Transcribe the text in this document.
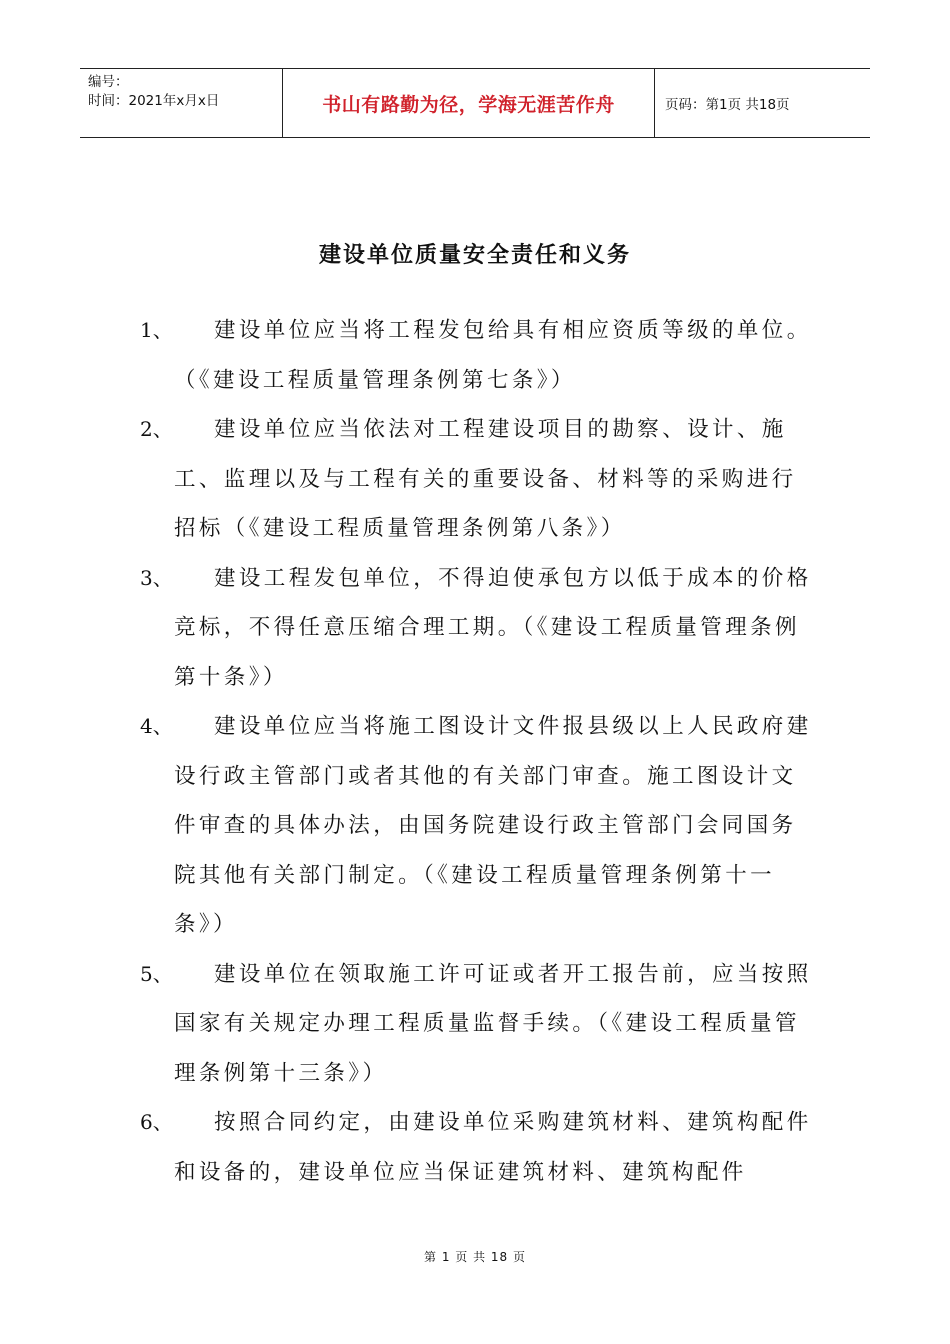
编号：
时间：2021年x月x日	书山有路勤为径，学海无涯苦作舟	页码：第1页 共18页
建设单位质量安全责任和义务
1、	建设单位应当将工程发包给具有相应资质等级的单位。（《建设工程质量管理条例第七条》）
2、	建设单位应当依法对工程建设项目的勘察、设计、施工、监理以及与工程有关的重要设备、材料等的采购进行招标（《建设工程质量管理条例第八条》）
3、	建设工程发包单位，不得迫使承包方以低于成本的价格竞标，不得任意压缩合理工期。（《建设工程质量管理条例第十条》）
4、	建设单位应当将施工图设计文件报县级以上人民政府建设行政主管部门或者其他的有关部门审查。施工图设计文件审查的具体办法，由国务院建设行政主管部门会同国务院其他有关部门制定。（《建设工程质量管理条例第十一条》）
5、	建设单位在领取施工许可证或者开工报告前，应当按照国家有关规定办理工程质量监督手续。（《建设工程质量管理条例第十三条》）
6、	按照合同约定，由建设单位采购建筑材料、建筑构配件和设备的，建设单位应当保证建筑材料、建筑构配件
第 1 页 共 18 页
